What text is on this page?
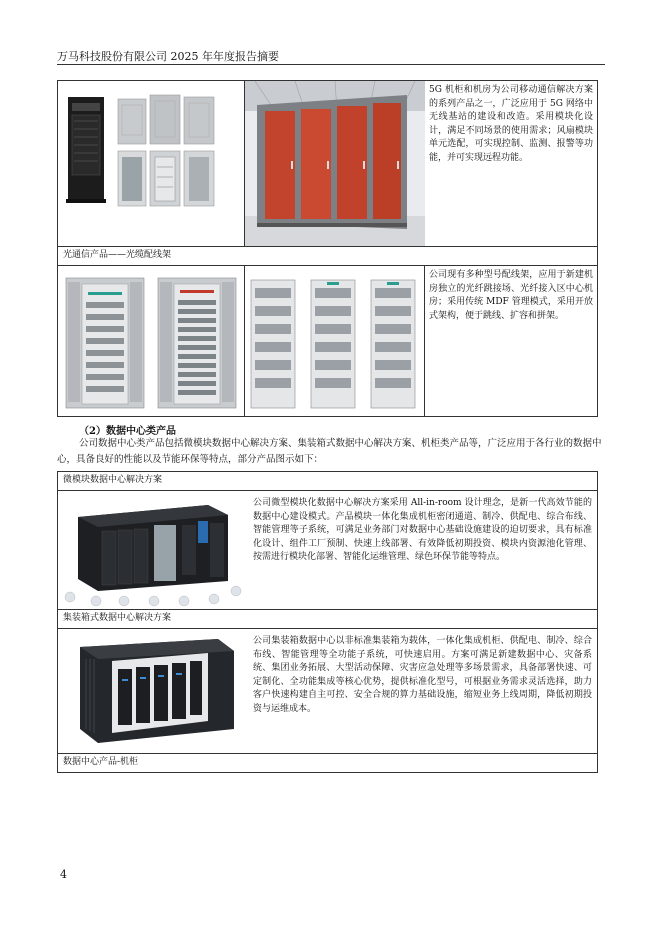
万马科技股份有限公司 2025 年年度报告摘要

	5G 机柜和机房为公司移动通信解决方案的系列产品之一，广泛应用于 5G 网络中无线基站的建设和改造。采用模块化设计，满足不同场景的使用需求；风扇模块单元选配，可实现控制、监测、报警等功能，并可实现远程功能。
光通信产品——光缆配线架		

	公司现有多种型号配线架，应用于新建机房独立的光纤跳接场、光纤接入区中心机房；采用传统 MDF 管理模式，采用开放式架构，便于跳线、扩容和拼架。
（2）数据中心类产品
公司数据中心类产品包括微模块数据中心解决方案、集装箱式数据中心解决方案、机柜类产品等，广泛应用于各行业的数据中心，具备良好的性能以及节能环保等特点，部分产品图示如下：
微模块数据中心解决方案	

	公司微型模块化数据中心解决方案采用 All-in-room 设计理念，是新一代高效节能的数据中心建设模式。产品模块一体化集成机柜密闭通道、制冷、供配电、综合布线、智能管理等子系统，可满足业务部门对数据中心基础设施建设的迫切要求，具有标准化设计、组件工厂预制、快速上线部署、有效降低初期投资、模块内资源池化管理、按需进行模块化部署、智能化运维管理、绿色环保节能等特点。
集装箱式数据中心解决方案	

	公司集装箱数据中心以非标准集装箱为载体，一体化集成机柜、供配电、制冷、综合布线、智能管理等全功能子系统，可快速启用。方案可满足新建数据中心、灾备系统、集团业务拓展、大型活动保障、灾害应急处理等多场景需求，具备部署快速、可定制化、全功能集成等核心优势，提供标准化型号，可根据业务需求灵活选择，助力客户快速构建自主可控、安全合规的算力基础设施，缩短业务上线周期，降低初期投资与运维成本。
数据中心产品-机柜	
4
